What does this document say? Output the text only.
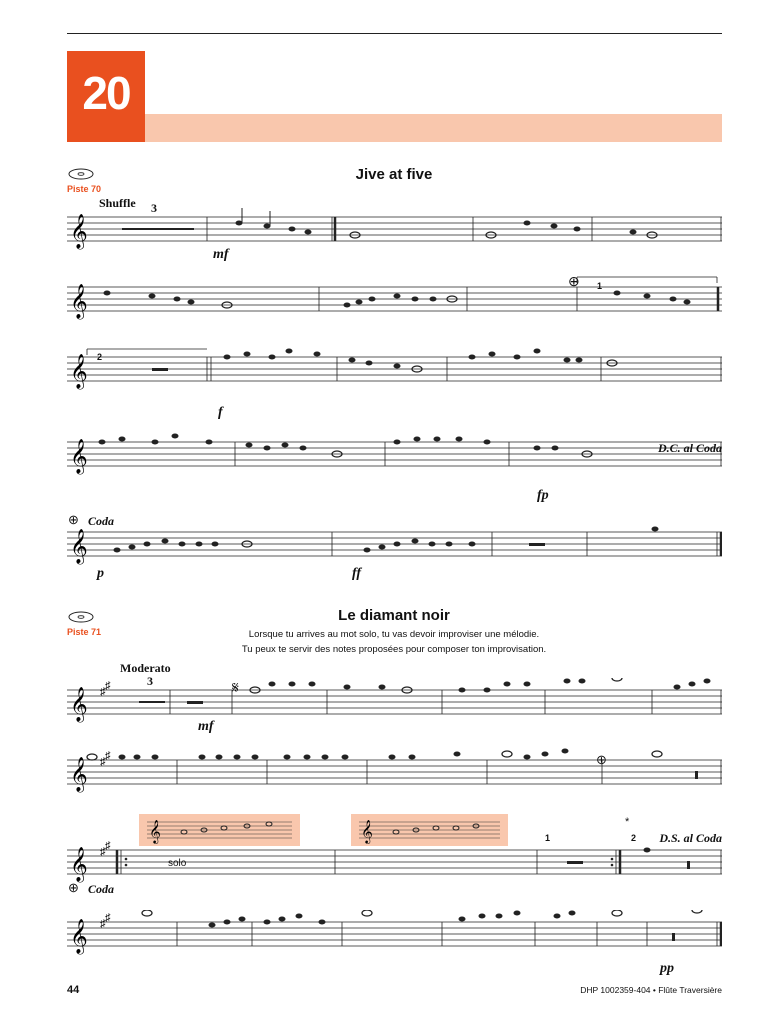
20
Piste 70
Jive at five
Shuffle 3
𝄞
mf
𝄞	1
⊕
𝄞 2
f
𝄞	D.C. al Coda
fp
⊕ Coda
𝄞
p	ff
Piste 71
Le diamant noir
Lorsque tu arrives au mot solo, tu vas devoir improviser une mélodie.
Tu peux te servir des notes proposées pour composer ton improvisation.
Moderato
3
𝄞 ♯ ♯	𝄋
mf
𝄞 ♯ ♯	⊕
𝄞	𝄞
𝄞 ♯ ♯
solo
1	2
*
D.S. al Coda
⊕ Coda
𝄞 ♯ ♯
pp
44	DHP 1002359-404 • Flûte Traversière
